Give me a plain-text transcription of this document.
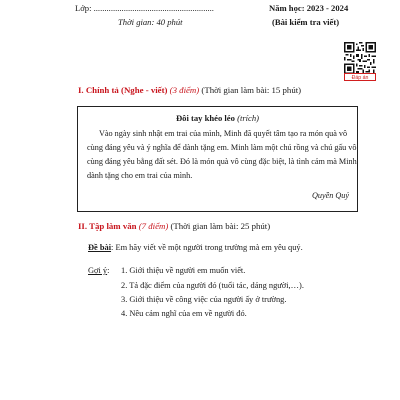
Lớp: ........................................................	Năm học: 2023 - 2024
Thời gian: 40 phút	(Bài kiểm tra viết)
Đáp án
I. Chính tả (Nghe - viết) (3 điểm) (Thời gian làm bài: 15 phút)
Đôi tay khéo léo (trích)
Vào ngày sinh nhật em trai của mình, Minh đã quyết tâm tạo ra món quà vô
cùng đáng yêu và ý nghĩa để dành tặng em. Minh làm một chú rồng và chú gấu vô
cùng đáng yêu bằng đất sét. Đó là món quà vô cùng đặc biệt, là tình cảm mà Minh
dành tặng cho em trai của mình.
Quyền Quý
II. Tập làm văn (7 điểm) (Thời gian làm bài: 25 phút)
Đề bài: Em hãy viết về một người trong trường mà em yêu quý.
Gợi ý: 1. Giới thiệu về người em muốn viết.
2. Tả đặc điểm của người đó (tuổi tác, dáng người,…).
3. Giới thiệu về công việc của người ấy ở trường.
4. Nêu cảm nghĩ của em về người đó.
